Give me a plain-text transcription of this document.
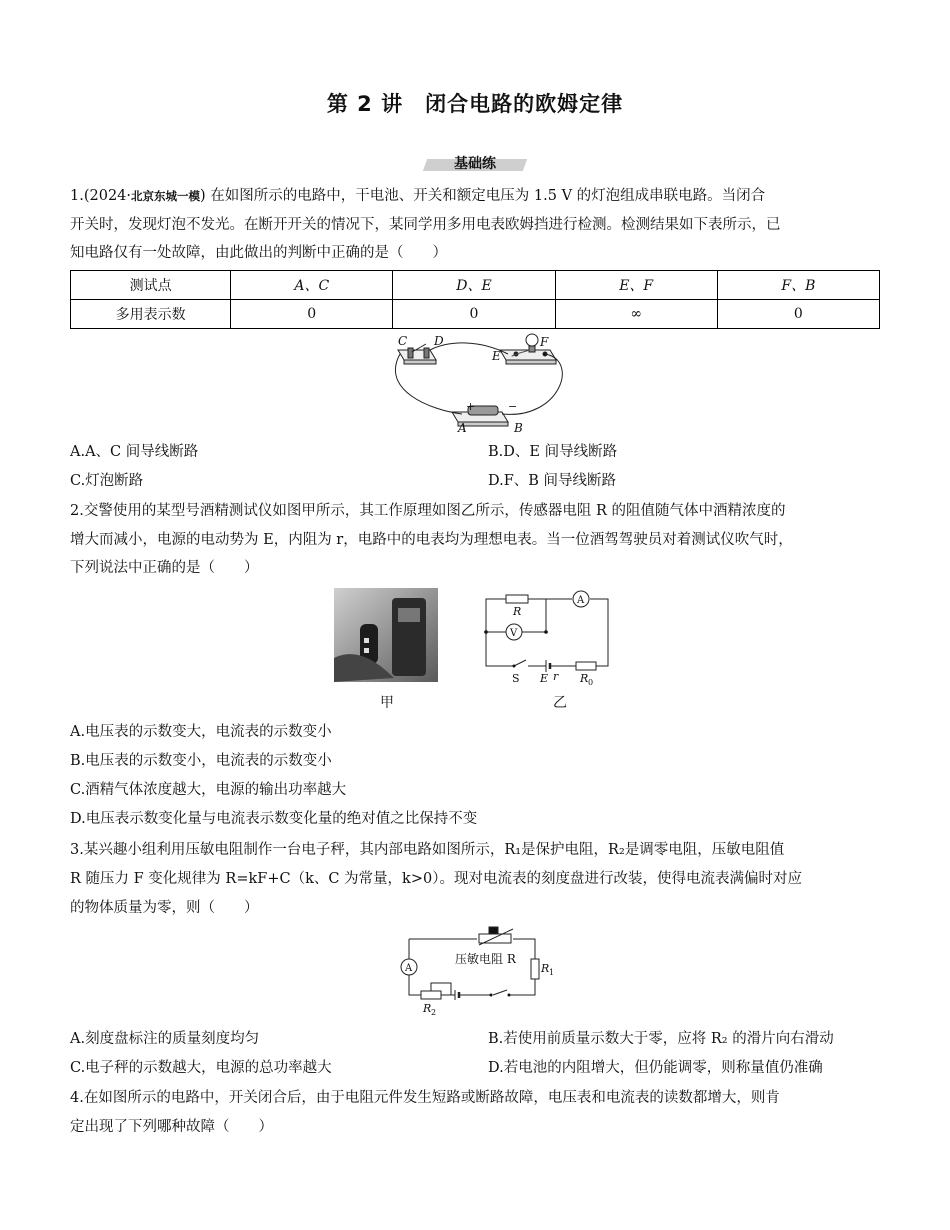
第 2 讲　闭合电路的欧姆定律
基础练
1.(2024·北京东城一模) 在如图所示的电路中，干电池、开关和额定电压为 1.5 V 的灯泡组成串联电路。当闭合
开关时，发现灯泡不发光。在断开开关的情况下，某同学用多用电表欧姆挡进行检测。检测结果如下表所示，已
知电路仅有一处故障，由此做出的判断中正确的是（　　）
测试点	A、C	D、E	E、F	F、B
多用表示数	0	0	∞	0
C D
E
F
A	B
+	−
A.A、C 间导线断路	B.D、E 间导线断路
C.灯泡断路	D.F、B 间导线断路
2.交警使用的某型号酒精测试仪如图甲所示，其工作原理如图乙所示，传感器电阻 R 的阻值随气体中酒精浓度的
增大而减小，电源的电动势为 E，内阻为 r，电路中的电表均为理想电表。当一位酒驾驾驶员对着测试仪吹气时，
下列说法中正确的是（　　）
甲
R
A
V
S E r R 0
乙
A.电压表的示数变大，电流表的示数变小
B.电压表的示数变小，电流表的示数变小
C.酒精气体浓度越大，电源的输出功率越大
D.电压表示数变化量与电流表示数变化量的绝对值之比保持不变
3.某兴趣小组利用压敏电阻制作一台电子秤，其内部电路如图所示，R₁是保护电阻，R₂是调零电阻，压敏电阻值
R 随压力 F 变化规律为 R=kF+C（k、C 为常量，k>0）。现对电流表的刻度盘进行改装，使得电流表满偏时对应
的物体质量为零，则（　　）
A
压敏电阻 R
R 1
R 2
A.刻度盘标注的质量刻度均匀	B.若使用前质量示数大于零，应将 R₂ 的滑片向右滑动
C.电子秤的示数越大，电源的总功率越大	D.若电池的内阻增大，但仍能调零，则称量值仍准确
4.在如图所示的电路中，开关闭合后，由于电阻元件发生短路或断路故障，电压表和电流表的读数都增大，则肯
定出现了下列哪种故障（　　）
